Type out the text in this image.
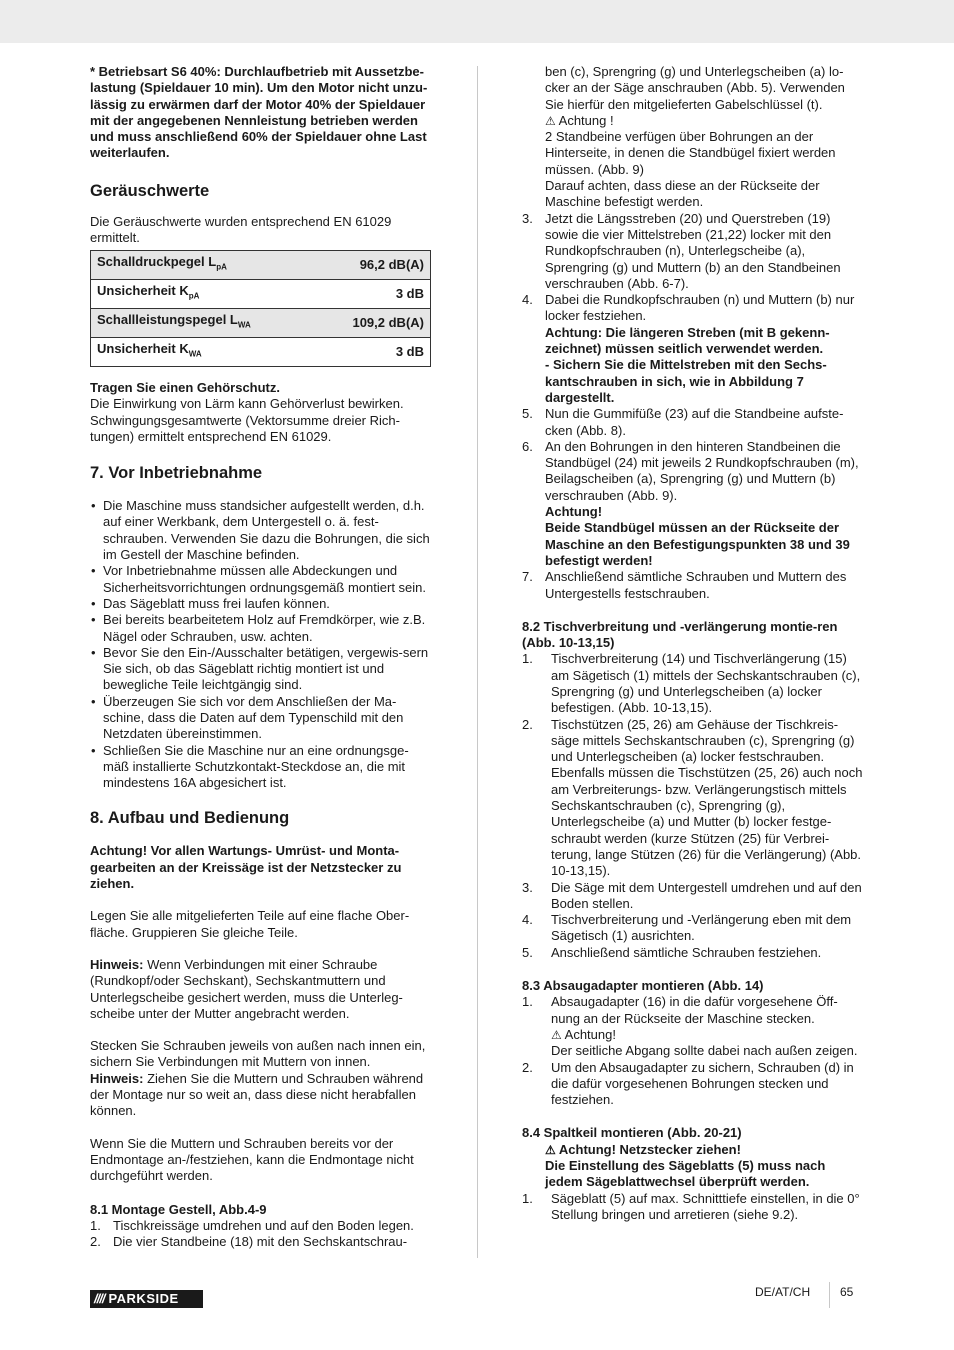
* Betriebsart S6 40%: Durchlaufbetrieb mit Aussetzbe-lastung (Spieldauer 10 min). Um den Motor nicht unzu-lässig zu erwärmen darf der Motor 40% der Spieldauer mit der angegebenen Nennleistung betrieben werden und muss anschließend 60% der Spieldauer ohne Last weiterlaufen.

Geräuschwerte

Die Geräuschwerte wurden entsprechend EN 61029 ermittelt.

Schalldruckpegel $L_{pA}$	96,2 dB(A)
Unsicherheit $K_{pA}$	3 dB
Schallleistungspegel $L_{WA}$	109,2 dB(A)
Unsicherheit $K_{WA}$	3 dB

Tragen Sie einen Gehörschutz.

Die Einwirkung von Lärm kann Gehörverlust bewirken. Schwingungsgesamtwerte (Vektorsumme dreier Rich-tungen) ermittelt entsprechend EN 61029.

7. Vor Inbetriebnahme
• Die Maschine muss standsicher aufgestellt werden, d.h. auf einer Werkbank, dem Untergestell o. ä. fest-schrauben. Verwenden Sie dazu die Bohrungen, die sich im Gestell der Maschine befinden.
• Vor Inbetriebnahme müssen alle Abdeckungen und Sicherheitsvorrichtungen ordnungsgemäß montiert sein.
• Das Sägeblatt muss frei laufen können.
• Bei bereits bearbeitetem Holz auf Fremdkörper, wie z.B. Nägel oder Schrauben, usw. achten.
• Bevor Sie den Ein-/Ausschalter betätigen, vergewis-sern Sie sich, ob das Sägeblatt richtig montiert ist und bewegliche Teile leichtgängig sind.
• Überzeugen Sie sich vor dem Anschließen der Ma-schine, dass die Daten auf dem Typenschild mit den Netzdaten übereinstimmen.
• Schließen Sie die Maschine nur an eine ordnungsge-mäß installierte Schutzkontakt-Steckdose an, die mit mindestens 16A abgesichert ist.
8. Aufbau und Bedienung

Achtung! Vor allen Wartungs- Umrüst- und Monta-gearbeiten an der Kreissäge ist der Netzstecker zu ziehen.

Legen Sie alle mitgelieferten Teile auf eine flache Ober-fläche. Gruppieren Sie gleiche Teile.

Hinweis: Wenn Verbindungen mit einer Schraube (Rundkopf/oder Sechskant), Sechskantmuttern und Unterlegscheibe gesichert werden, muss die Unterleg-scheibe unter der Mutter angebracht werden.

Stecken Sie Schrauben jeweils von außen nach innen ein, sichern Sie Verbindungen mit Muttern von innen.

Hinweis: Ziehen Sie die Muttern und Schrauben während der Montage nur so weit an, dass diese nicht herabfallen können.

Wenn Sie die Muttern und Schrauben bereits vor der Endmontage an-/festziehen, kann die Endmontage nicht durchgeführt werden.

8.1 Montage Gestell, Abb.4-9
1. Tischkreissäge umdrehen und auf den Boden legen.
2. Die vier Standbeine (18) mit den Sechskantschrau-

ben (c), Sprengring (g) und Unterlegscheiben (a) lo-cker an der Säge anschrauben (Abb. 5). Verwenden Sie hierfür den mitgelieferten Gabelschlüssel (t).

⚠ Achtung !

2 Standbeine verfügen über Bohrungen an der Hinterseite, in denen die Standbügel fixiert werden müssen. (Abb. 9)

Darauf achten, dass diese an der Rückseite der Maschine befestigt werden.

3. Jetzt die Längsstreben (20) und Querstreben (19) sowie die vier Mittelstreben (21,22) locker mit den Rundkopfschrauben (n), Unterlegscheibe (a), Sprengring (g) und Muttern (b) an den Standbeinen verschrauben (Abb. 6-7).
4. Dabei die Rundkopfschrauben (n) und Muttern (b) nur locker festziehen.

Achtung: Die längeren Streben (mit B gekenn-zeichnet) müssen seitlich verwendet werden.

- Sichern Sie die Mittelstreben mit den Sechs-kantschrauben in sich, wie in Abbildung 7 dargestellt.

5. Nun die Gummifüße (23) auf die Standbeine aufste-cken (Abb. 8).
6. An den Bohrungen in den hinteren Standbeinen die Standbügel (24) mit jeweils 2 Rundkopfschrauben (m), Beilagscheiben (a), Sprengring (g) und Muttern (b) verschrauben (Abb. 9).

Achtung!

Beide Standbügel müssen an der Rückseite der Maschine an den Befestigungspunkten 38 und 39 befestigt werden!

7. Anschließend sämtliche Schrauben und Muttern des Untergestells festschrauben.
8.2 Tischverbreitung und -verlängerung montie-ren (Abb. 10-13,15)
1. Tischverbreiterung (14) und Tischverlängerung (15) am Sägetisch (1) mittels der Sechskantschrauben (c), Sprengring (g) und Unterlegscheiben (a) locker befestigen. (Abb. 10-13,15).
2. Tischstützen (25, 26) am Gehäuse der Tischkreis-säge mittels Sechskantschrauben (c), Sprengring (g) und Unterlegscheiben (a) locker festschrauben. Ebenfalls müssen die Tischstützen (25, 26) auch noch am Verbreiterungs- bzw. Verlängerungstisch mittels Sechskantschrauben (c), Sprengring (g), Unterlegscheibe (a) und Mutter (b) locker festge-schraubt werden (kurze Stützen (25) für Verbrei-terung, lange Stützen (26) für die Verlängerung) (Abb. 10-13,15).
3. Die Säge mit dem Untergestell umdrehen und auf den Boden stellen.
4. Tischverbreiterung und -Verlängerung eben mit dem Sägetisch (1) ausrichten.
5. Anschließend sämtliche Schrauben festziehen.
8.3 Absaugadapter montieren (Abb. 14)
1. Absaugadapter (16) in die dafür vorgesehene Öff-nung an der Rückseite der Maschine stecken.

⚠ Achtung!

Der seitliche Abgang sollte dabei nach außen zeigen.

2. Um den Absaugadapter zu sichern, Schrauben (d) in die dafür vorgesehenen Bohrungen stecken und festziehen.
8.4 Spaltkeil montieren (Abb. 20-21)

⚠ Achtung! Netzstecker ziehen!

Die Einstellung des Sägeblatts (5) muss nach jedem Sägeblattwechsel überprüft werden.

1. Sägeblatt (5) auf max. Schnitttiefe einstellen, in die 0° Stellung bringen und arretieren (siehe 9.2).
//// PARKSIDE	DE/AT/CH 65
